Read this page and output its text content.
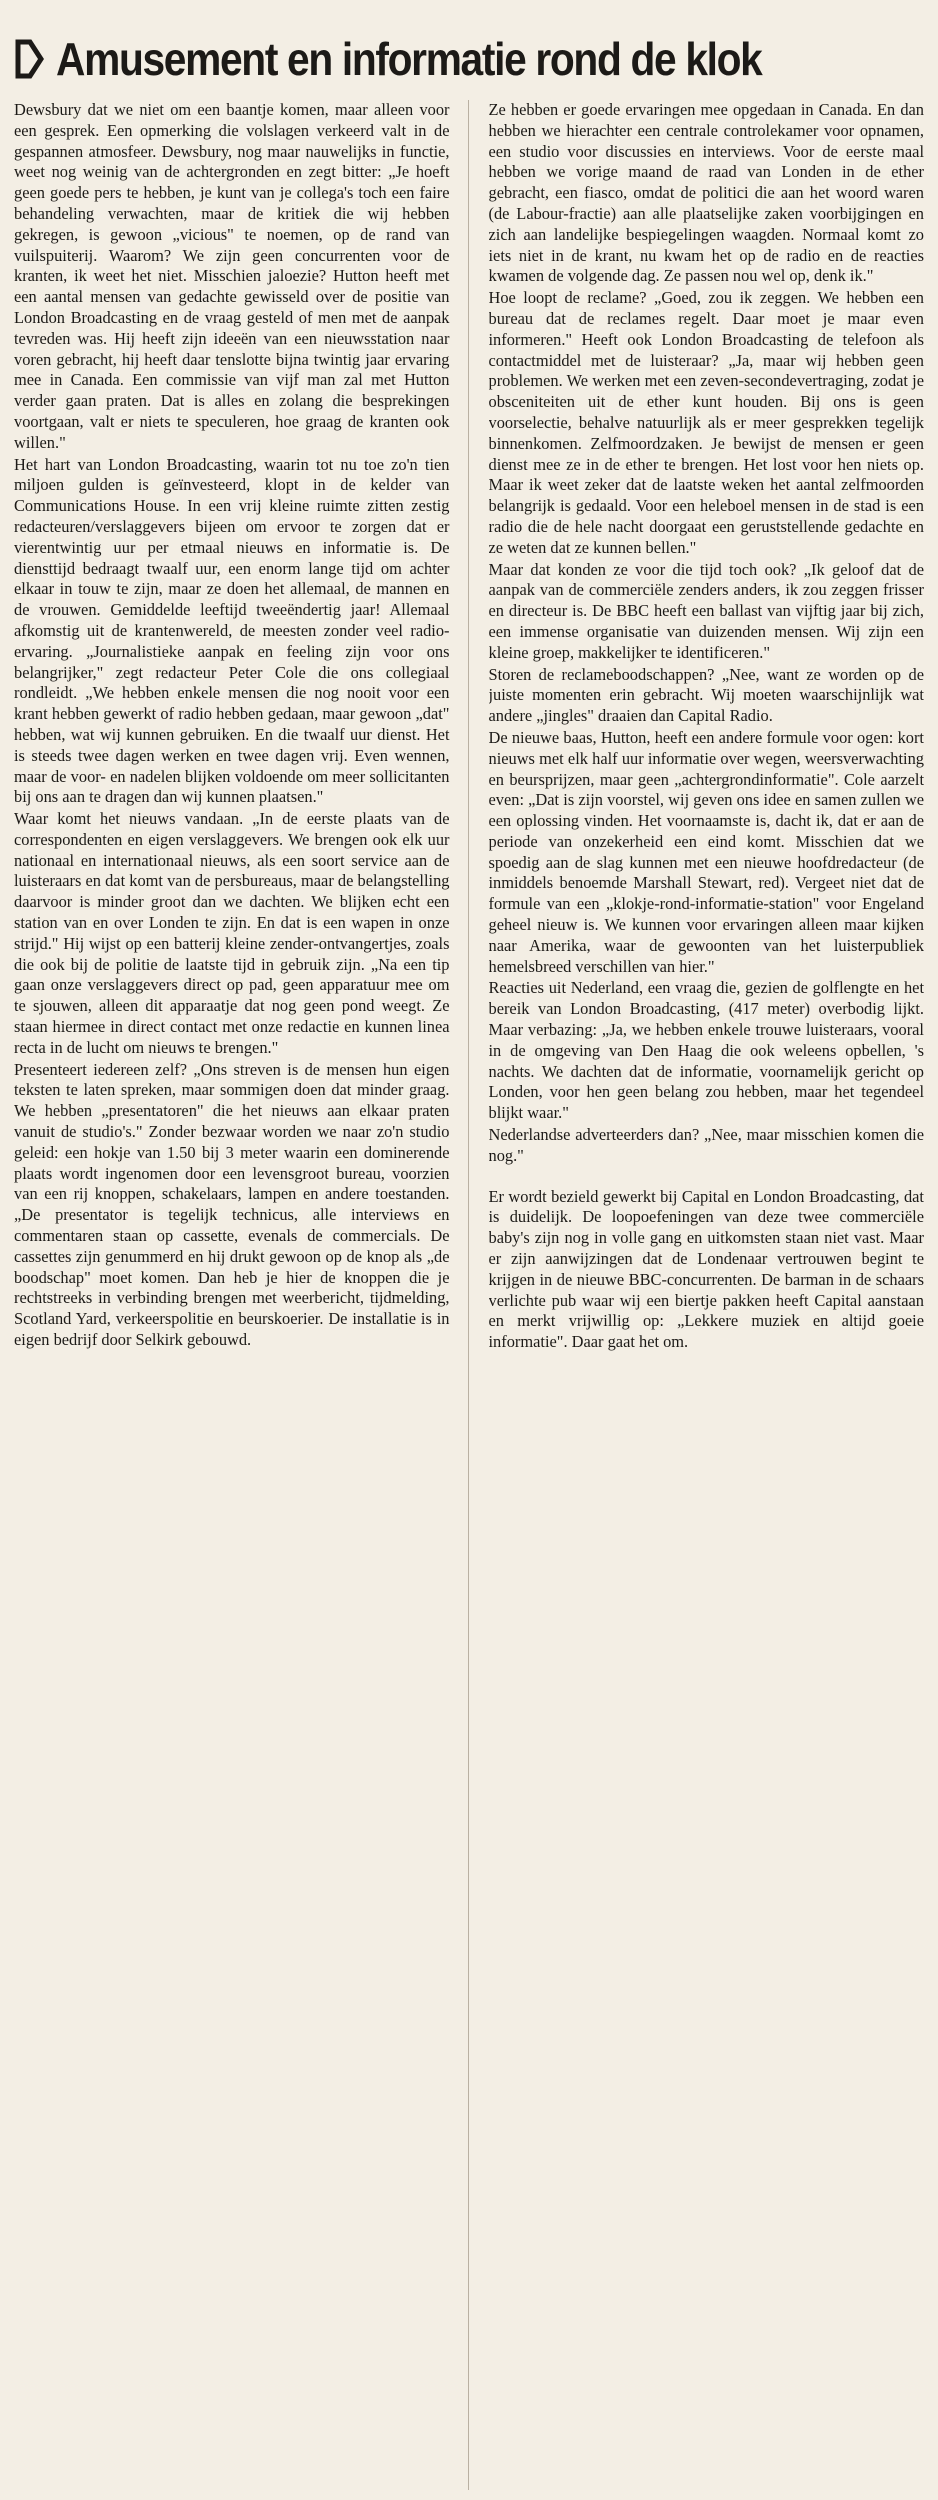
Amusement en informatie rond de klok

Dewsbury dat we niet om een baantje komen, maar alleen voor een gesprek. Een opmerking die volslagen verkeerd valt in de gespannen atmosfeer. Dewsbury, nog maar nauwelijks in functie, weet nog weinig van de achtergronden en zegt bitter: „Je hoeft geen goede pers te hebben, je kunt van je collega's toch een faire behandeling verwachten, maar de kritiek die wij hebben gekregen, is gewoon „vicious" te noemen, op de rand van vuilspuiterij. Waarom? We zijn geen concurrenten voor de kranten, ik weet het niet. Misschien jaloezie? Hutton heeft met een aantal mensen van gedachte gewisseld over de positie van London Broadcasting en de vraag gesteld of men met de aanpak tevreden was. Hij heeft zijn ideeën van een nieuwsstation naar voren gebracht, hij heeft daar tenslotte bijna twintig jaar ervaring mee in Canada. Een commissie van vijf man zal met Hutton verder gaan praten. Dat is alles en zolang die besprekingen voortgaan, valt er niets te speculeren, hoe graag de kranten ook willen."

Het hart van London Broadcasting, waarin tot nu toe zo'n tien miljoen gulden is geïnvesteerd, klopt in de kelder van Communications House. In een vrij kleine ruimte zitten zestig redacteuren/verslaggevers bijeen om ervoor te zorgen dat er vierentwintig uur per etmaal nieuws en informatie is. De diensttijd bedraagt twaalf uur, een enorm lange tijd om achter elkaar in touw te zijn, maar ze doen het allemaal, de mannen en de vrouwen. Gemiddelde leeftijd tweeëndertig jaar! Allemaal afkomstig uit de krantenwereld, de meesten zonder veel radio-ervaring. „Journalistieke aanpak en feeling zijn voor ons belangrijker," zegt redacteur Peter Cole die ons collegiaal rondleidt. „We hebben enkele mensen die nog nooit voor een krant hebben gewerkt of radio hebben gedaan, maar gewoon „dat" hebben, wat wij kunnen gebruiken. En die twaalf uur dienst. Het is steeds twee dagen werken en twee dagen vrij. Even wennen, maar de voor- en nadelen blijken voldoende om meer sollicitanten bij ons aan te dragen dan wij kunnen plaatsen."

Waar komt het nieuws vandaan. „In de eerste plaats van de correspondenten en eigen verslaggevers. We brengen ook elk uur nationaal en internationaal nieuws, als een soort service aan de luisteraars en dat komt van de persbureaus, maar de belangstelling daarvoor is minder groot dan we dachten. We blijken echt een station van en over Londen te zijn. En dat is een wapen in onze strijd." Hij wijst op een batterij kleine zender-ontvangertjes, zoals die ook bij de politie de laatste tijd in gebruik zijn. „Na een tip gaan onze verslaggevers direct op pad, geen apparatuur mee om te sjouwen, alleen dit apparaatje dat nog geen pond weegt. Ze staan hiermee in direct contact met onze redactie en kunnen linea recta in de lucht om nieuws te brengen."

Presenteert iedereen zelf? „Ons streven is de mensen hun eigen teksten te laten spreken, maar sommigen doen dat minder graag. We hebben „presentatoren" die het nieuws aan elkaar praten vanuit de studio's." Zonder bezwaar worden we naar zo'n studio geleid: een hokje van 1.50 bij 3 meter waarin een dominerende plaats wordt ingenomen door een levensgroot bureau, voorzien van een rij knoppen, schakelaars, lampen en andere toestanden. „De presentator is tegelijk technicus, alle interviews en commentaren staan op cassette, evenals de commercials. De cassettes zijn genummerd en hij drukt gewoon op de knop als „de boodschap" moet komen. Dan heb je hier de knoppen die je rechtstreeks in verbinding brengen met weerbericht, tijdmelding, Scotland Yard, verkeerspolitie en beurskoerier. De installatie is in eigen bedrijf door Selkirk gebouwd.

Ze hebben er goede ervaringen mee opgedaan in Canada. En dan hebben we hierachter een centrale controlekamer voor opnamen, een studio voor discussies en interviews. Voor de eerste maal hebben we vorige maand de raad van Londen in de ether gebracht, een fiasco, omdat de politici die aan het woord waren (de Labour-fractie) aan alle plaatselijke zaken voorbijgingen en zich aan landelijke bespiegelingen waagden. Normaal komt zo iets niet in de krant, nu kwam het op de radio en de reacties kwamen de volgende dag. Ze passen nou wel op, denk ik."

Hoe loopt de reclame? „Goed, zou ik zeggen. We hebben een bureau dat de reclames regelt. Daar moet je maar even informeren." Heeft ook London Broadcasting de telefoon als contactmiddel met de luisteraar? „Ja, maar wij hebben geen problemen. We werken met een zeven-secondevertraging, zodat je obsceniteiten uit de ether kunt houden. Bij ons is geen voorselectie, behalve natuurlijk als er meer gesprekken tegelijk binnenkomen. Zelfmoordzaken. Je bewijst de mensen er geen dienst mee ze in de ether te brengen. Het lost voor hen niets op. Maar ik weet zeker dat de laatste weken het aantal zelfmoorden belangrijk is gedaald. Voor een heleboel mensen in de stad is een radio die de hele nacht doorgaat een geruststellende gedachte en ze weten dat ze kunnen bellen."

Maar dat konden ze voor die tijd toch ook? „Ik geloof dat de aanpak van de commerciële zenders anders, ik zou zeggen frisser en directeur is. De BBC heeft een ballast van vijftig jaar bij zich, een immense organisatie van duizenden mensen. Wij zijn een kleine groep, makkelijker te identificeren."

Storen de reclameboodschappen? „Nee, want ze worden op de juiste momenten erin gebracht. Wij moeten waarschijnlijk wat andere „jingles" draaien dan Capital Radio.

De nieuwe baas, Hutton, heeft een andere formule voor ogen: kort nieuws met elk half uur informatie over wegen, weersverwachting en beursprijzen, maar geen „achtergrondinformatie". Cole aarzelt even: „Dat is zijn voorstel, wij geven ons idee en samen zullen we een oplossing vinden. Het voornaamste is, dacht ik, dat er aan de periode van onzekerheid een eind komt. Misschien dat we spoedig aan de slag kunnen met een nieuwe hoofdredacteur (de inmiddels benoemde Marshall Stewart, red). Vergeet niet dat de formule van een „klokje-rond-informatie-station" voor Engeland geheel nieuw is. We kunnen voor ervaringen alleen maar kijken naar Amerika, waar de gewoonten van het luisterpubliek hemelsbreed verschillen van hier."

Reacties uit Nederland, een vraag die, gezien de golflengte en het bereik van London Broadcasting, (417 meter) overbodig lijkt. Maar verbazing: „Ja, we hebben enkele trouwe luisteraars, vooral in de omgeving van Den Haag die ook weleens opbellen, 's nachts. We dachten dat de informatie, voornamelijk gericht op Londen, voor hen geen belang zou hebben, maar het tegendeel blijkt waar."

Nederlandse adverteerders dan? „Nee, maar misschien komen die nog."

Er wordt bezield gewerkt bij Capital en London Broadcasting, dat is duidelijk. De loopoefeningen van deze twee commerciële baby's zijn nog in volle gang en uitkomsten staan niet vast. Maar er zijn aanwijzingen dat de Londenaar vertrouwen begint te krijgen in de nieuwe BBC-concurrenten. De barman in de schaars verlichte pub waar wij een biertje pakken heeft Capital aanstaan en merkt vrijwillig op: „Lekkere muziek en altijd goeie informatie". Daar gaat het om.
